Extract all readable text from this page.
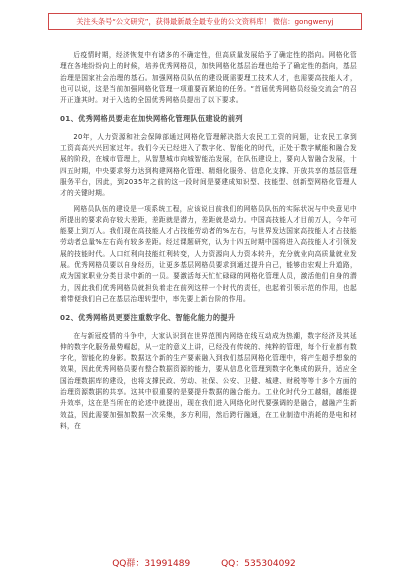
关注头条号“公文研究”，获得最新最全最专业的公文资料库！ 微信：gongwenyj

后疫情时期，经济恢复中有诸多的不确定性，但高质量发展给予了确定性的指向。网格化管理在各地纷纷向上的时候，培养优秀网格员，加快网格化基层治理也给予了确定性的指向，基层治理是国家社会治理的基石。加强网格员队伍的建设既需要理工技术人才，也需要高技能人才，也可以说，这是当前加强网格化管理一项重要而紧迫的任务。“首届优秀网格员经验交流会”的召开正逢其时。对于入选的全国优秀网格员提出了以下要求。

01、优秀网格员要走在加快网格化管理队伍建设的前列

20年，人力资源和社会保障部通过网格化管理解决指大农民工工资的问题，让农民工拿到工资高高兴兴回家过年。我们今天已经进入了数字化、智能化的时代，正处于数字赋能和融合发展的阶段，在城市管理上，从智慧城市向城智能治发展，在队伍建设上，要向人智融合发展，十四五时期，中央要求努力达到构建网格化管理、精细化服务、信息化支撑、开放共享的基层管理服务平台，因此，到2035年之前的这一段时间是要建成知识型、技能型、创新型网格化管理人才的关键时期。

网格员队伍的建设是一项系统工程，应该说目前我们的网格员队伍的实际状况与中央意见中所提出的要求尚存较大差距，差距就是潜力，差距就是动力。中国高技能人才目前万人，今年可能要上到万人。我们现在高技能人才占技能劳动者的%左右，与世界发达国家高技能人才占技能劳动者总量%左右尚有较多差距。经过课题研究，认为十四五时期中国将进入高技能人才引领发展的技能时代。人口红利向技能红利转变，人力资源向人力资本转升，充分就业向高质量就业发展。优秀网格员要以自身经历，让更多基层网格员要求到通过提升自己，能够由宏观上升道路，成为国家职业分类目录中新的一员。要激活每天忙忙碌碌的网格化管理人员，激活他们自身的潜力，因此我们优秀网格员就担负着走在前列这样一个时代的责任，也起着引领示范的作用，也起着带便我们自己在基层治理转型中，率先要上新台阶的作用。

02、优秀网格员更要注重数字化、智能化能力的提升

在与新冠疫情的斗争中，大家认识到在世界范围内网络在线互动成为热潮，数字经济及其延伸的数字化服务最势崛起，从一定的意义上讲，已经没有传统的、纯粹的管理，每个行业都有数字化，智能化的身影。数据这个新的生产要素融入到我们基层网格化管理中，将产生超乎想象的效果，因此优秀网格员要有整合数据资源的能力，要从信息化管理到数字化集成的跃升，适应全国治理数据库的建设，也将支撑民政、劳动、社保、公安、卫健、城建、财税等等十多个方面的治理资源数据的共享。这其中很重要的是要提升数据的融合能力。工业化时代分工越细，越能提升效率，这在是当所在的论述中就提出，现在我们进入网络化时代要强调的是融合，越融产生新效益，因此需要加强加数据一次采集，多方利用，然后跨行融通，在工业制造中消耗的是电和材料，在

QQ群：31991489	QQ：535304092
